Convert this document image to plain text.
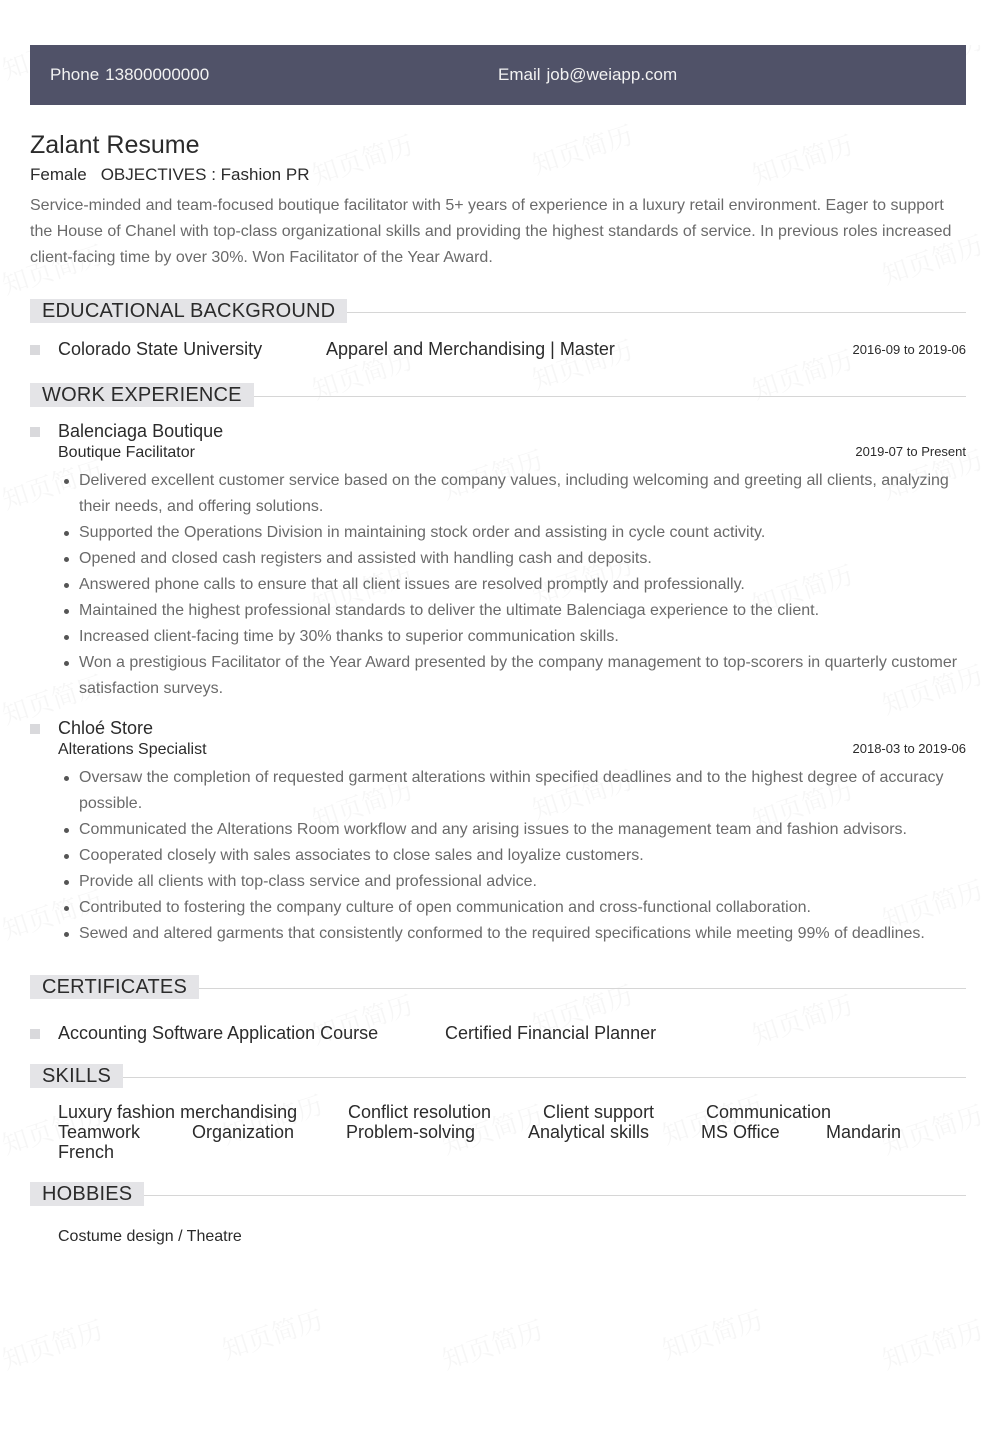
Phone 13800000000	Email job@weiapp.com
Zalant Resume
Female OBJECTIVES : Fashion PR
Service-minded and team-focused boutique facilitator with 5+ years of experience in a luxury retail environment. Eager to support the House of Chanel with top-class organizational skills and providing the highest standards of service. In previous roles increased client-facing time by over 30%. Won Facilitator of the Year Award.
EDUCATIONAL BACKGROUND
Colorado State University	Apparel and Merchandising | Master	2016-09 to 2019-06
WORK EXPERIENCE
Balenciaga Boutique
Boutique Facilitator	2019-07 to Present
Delivered excellent customer service based on the company values, including welcoming and greeting all clients, analyzing their needs, and offering solutions.
Supported the Operations Division in maintaining stock order and assisting in cycle count activity.
Opened and closed cash registers and assisted with handling cash and deposits.
Answered phone calls to ensure that all client issues are resolved promptly and professionally.
Maintained the highest professional standards to deliver the ultimate Balenciaga experience to the client.
Increased client-facing time by 30% thanks to superior communication skills.
Won a prestigious Facilitator of the Year Award presented by the company management to top-scorers in quarterly customer satisfaction surveys.
Chloé Store
Alterations Specialist	2018-03 to 2019-06
Oversaw the completion of requested garment alterations within specified deadlines and to the highest degree of accuracy possible.
Communicated the Alterations Room workflow and any arising issues to the management team and fashion advisors.
Cooperated closely with sales associates to close sales and loyalize customers.
Provide all clients with top-class service and professional advice.
Contributed to fostering the company culture of open communication and cross-functional collaboration.
Sewed and altered garments that consistently conformed to the required specifications while meeting 99% of deadlines.
CERTIFICATES
Accounting Software Application Course	Certified Financial Planner
SKILLS
Luxury fashion merchandising	Conflict resolution	Client support	Communication
Teamwork	Organization	Problem-solving	Analytical skills	MS Office	Mandarin
French
HOBBIES
Costume design / Theatre
